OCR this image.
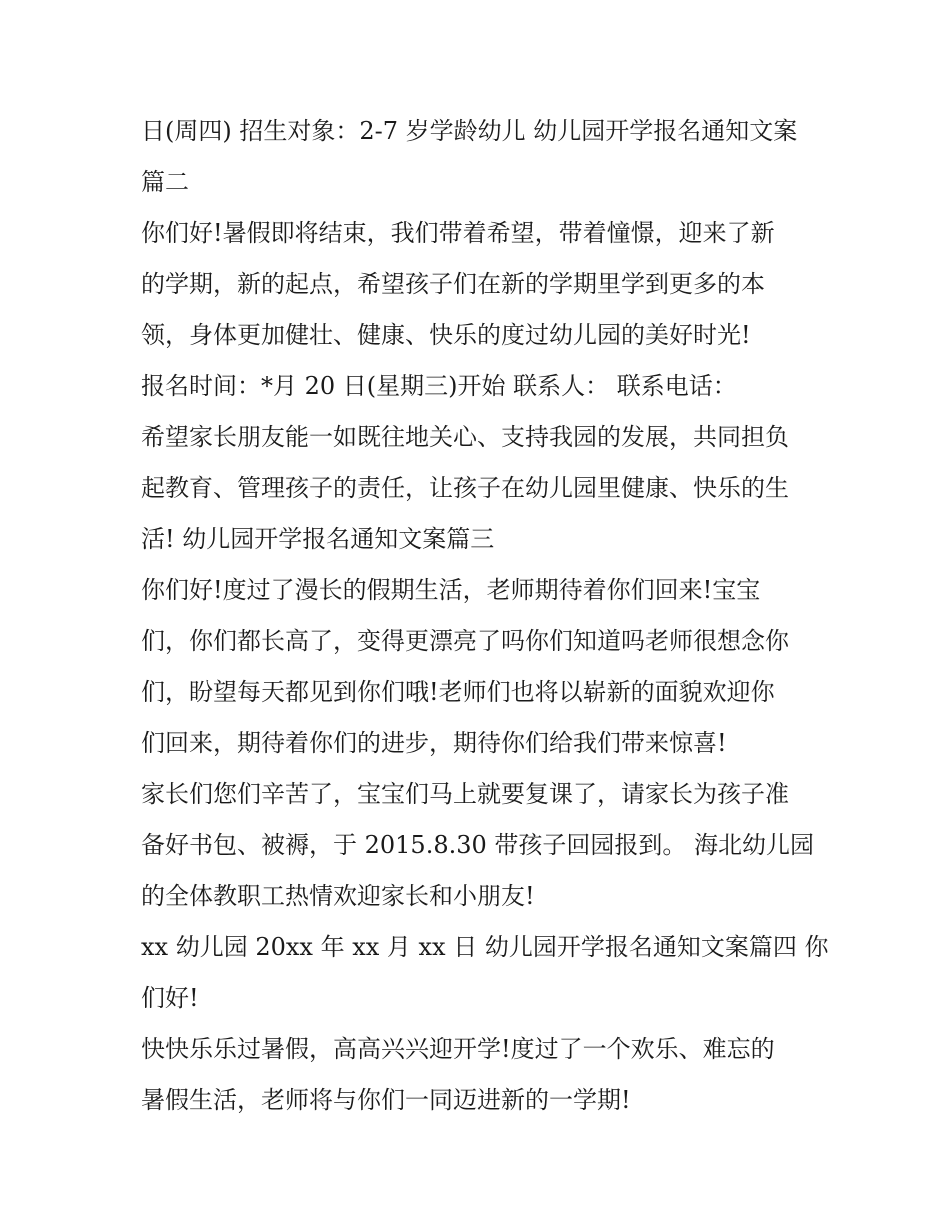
日(周四) 招生对象：2-7 岁学龄幼儿 幼儿园开学报名通知文案
篇二
你们好!暑假即将结束，我们带着希望，带着憧憬，迎来了新
的学期，新的起点，希望孩子们在新的学期里学到更多的本
领，身体更加健壮、健康、快乐的度过幼儿园的美好时光!
报名时间：*月 20 日(星期三)开始 联系人： 联系电话：
希望家长朋友能一如既往地关心、支持我园的发展，共同担负
起教育、管理孩子的责任，让孩子在幼儿园里健康、快乐的生
活! 幼儿园开学报名通知文案篇三
你们好!度过了漫长的假期生活，老师期待着你们回来!宝宝
们，你们都长高了，变得更漂亮了吗你们知道吗老师很想念你
们，盼望每天都见到你们哦!老师们也将以崭新的面貌欢迎你
们回来，期待着你们的进步，期待你们给我们带来惊喜!
家长们您们辛苦了，宝宝们马上就要复课了，请家长为孩子准
备好书包、被褥，于 2015.8.30 带孩子回园报到。 海北幼儿园
的全体教职工热情欢迎家长和小朋友!
xx 幼儿园 20xx 年 xx 月 xx 日 幼儿园开学报名通知文案篇四 你
们好!
快快乐乐过暑假，高高兴兴迎开学!度过了一个欢乐、难忘的
暑假生活，老师将与你们一同迈进新的一学期!
